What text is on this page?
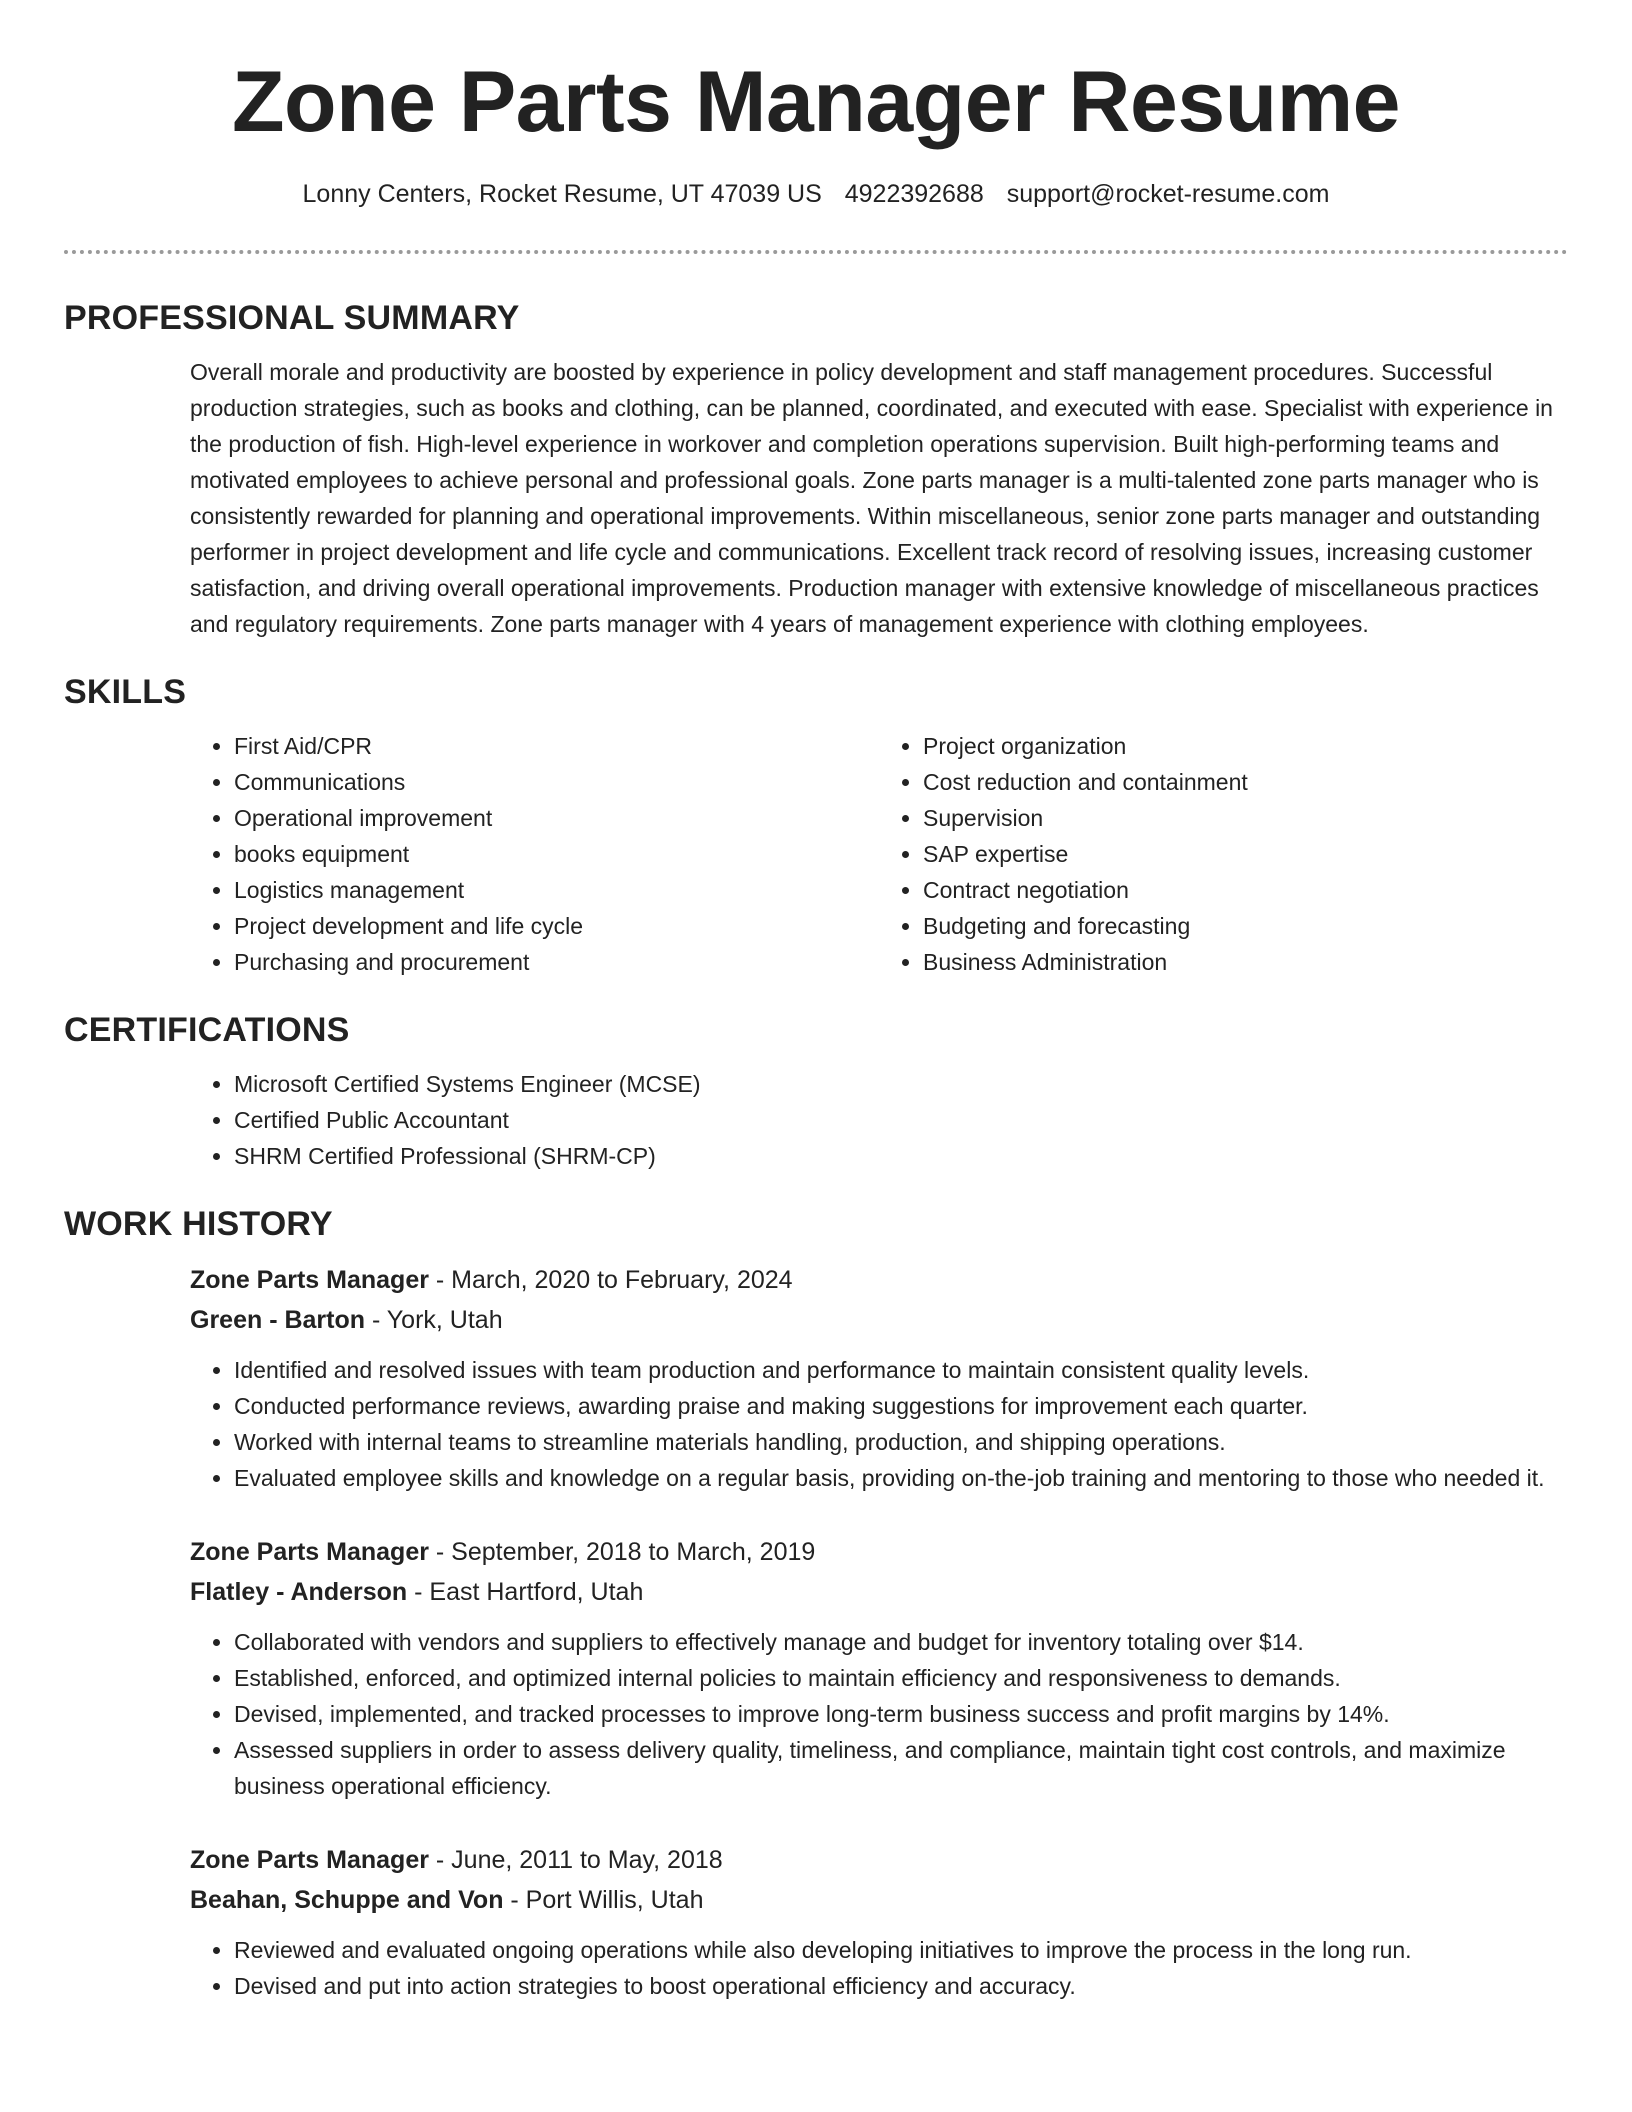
Zone Parts Manager Resume
Lonny Centers, Rocket Resume, UT 47039 US 4922392688 support@rocket-resume.com
PROFESSIONAL SUMMARY

Overall morale and productivity are boosted by experience in policy development and staff management procedures. Successful production strategies, such as books and clothing, can be planned, coordinated, and executed with ease. Specialist with experience in the production of fish. High-level experience in workover and completion operations supervision. Built high-performing teams and motivated employees to achieve personal and professional goals. Zone parts manager is a multi-talented zone parts manager who is consistently rewarded for planning and operational improvements. Within miscellaneous, senior zone parts manager and outstanding performer in project development and life cycle and communications. Excellent track record of resolving issues, increasing customer satisfaction, and driving overall operational improvements. Production manager with extensive knowledge of miscellaneous practices and regulatory requirements. Zone parts manager with 4 years of management experience with clothing employees.

SKILLS
• First Aid/CPR
• Communications
• Operational improvement
• books equipment
• Logistics management
• Project development and life cycle
• Purchasing and procurement
• Project organization
• Cost reduction and containment
• Supervision
• SAP expertise
• Contract negotiation
• Budgeting and forecasting
• Business Administration
CERTIFICATIONS
• Microsoft Certified Systems Engineer (MCSE)
• Certified Public Accountant
• SHRM Certified Professional (SHRM-CP)
WORK HISTORY
Zone Parts Manager - March, 2020 to February, 2024
Green - Barton - York, Utah
• Identified and resolved issues with team production and performance to maintain consistent quality levels.
• Conducted performance reviews, awarding praise and making suggestions for improvement each quarter.
• Worked with internal teams to streamline materials handling, production, and shipping operations.
• Evaluated employee skills and knowledge on a regular basis, providing on-the-job training and mentoring to those who needed it.
Zone Parts Manager - September, 2018 to March, 2019
Flatley - Anderson - East Hartford, Utah
• Collaborated with vendors and suppliers to effectively manage and budget for inventory totaling over $14.
• Established, enforced, and optimized internal policies to maintain efficiency and responsiveness to demands.
• Devised, implemented, and tracked processes to improve long-term business success and profit margins by 14%.
• Assessed suppliers in order to assess delivery quality, timeliness, and compliance, maintain tight cost controls, and maximize business operational efficiency.
Zone Parts Manager - June, 2011 to May, 2018
Beahan, Schuppe and Von - Port Willis, Utah
• Reviewed and evaluated ongoing operations while also developing initiatives to improve the process in the long run.
• Devised and put into action strategies to boost operational efficiency and accuracy.
